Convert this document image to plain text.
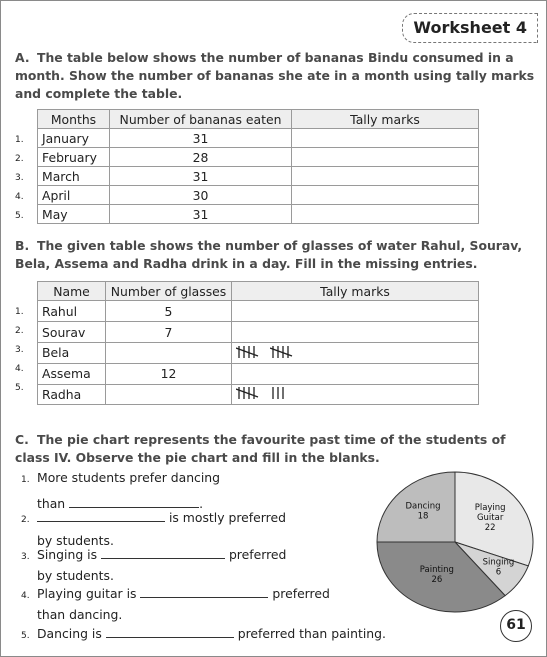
Worksheet 4
A. The table below shows the number of bananas Bindu consumed in a month. Show the number of bananas she ate in a month using tally marks and complete the table.
Months	Number of bananas eaten	Tally marks
January	31	
February	28	
March	31	
April	30	
May	31	
1.
2.
3.
4.
5.
B. The given table shows the number of glasses of water Rahul, Sourav, Bela, Assema and Radha drink in a day. Fill in the missing entries.
Name	Number of glasses	Tally marks
Rahul	5	
Sourav	7	
Bela		

Assema	12	
Radha		
1.
2.
3.
4.
5.
C. The pie chart represents the favourite past time of the students of class IV. Observe the pie chart and fill in the blanks.
1. More students prefer dancing
than	.
2.	is mostly preferred
by students.
3. Singing is	preferred
by students.
4. Playing guitar is	preferred
than dancing.
5. Dancing is	preferred than painting.
Playing Guitar 22
Singing 6
Painting 26
Dancing 18
61
